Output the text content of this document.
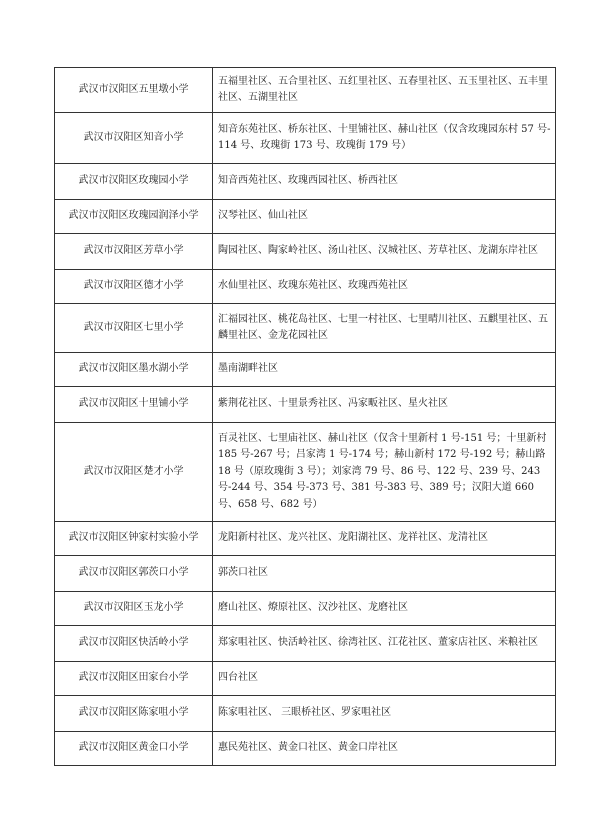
武汉市汉阳区五里墩小学	五福里社区、五合里社区、五红里社区、五春里社区、五玉里社区、五丰里社区、五湖里社区
武汉市汉阳区知音小学	知音东苑社区、桥东社区、十里铺社区、赫山社区（仅含玫瑰园东村 57 号-114 号、玫瑰街 173 号、玫瑰街 179 号）
武汉市汉阳区玫瑰园小学	知音西苑社区、玫瑰西园社区、桥西社区
武汉市汉阳区玫瑰园润泽小学	汉琴社区、仙山社区
武汉市汉阳区芳草小学	陶园社区、陶家岭社区、汤山社区、汉城社区、芳草社区、龙湖东岸社区
武汉市汉阳区德才小学	水仙里社区、玫瑰东苑社区、玫瑰西苑社区
武汉市汉阳区七里小学	汇福园社区、桃花岛社区、七里一村社区、七里晴川社区、五麒里社区、五麟里社区、金龙花园社区
武汉市汉阳区墨水湖小学	墨南湖畔社区
武汉市汉阳区十里铺小学	紫荆花社区、十里景秀社区、冯家畈社区、星火社区
武汉市汉阳区楚才小学	百灵社区、七里庙社区、赫山社区（仅含十里新村 1 号-151 号；十里新村 185 号-267 号；吕家湾 1 号-174 号；赫山新村 172 号-192 号；赫山路 18 号（原玫瑰街 3 号）；刘家湾 79 号、86 号、122 号、239 号、243 号-244 号、354 号-373 号、381 号-383 号、389 号；汉阳大道 660 号、658 号、682 号）
武汉市汉阳区钟家村实验小学	龙阳新村社区、龙兴社区、龙阳湖社区、龙祥社区、龙清社区
武汉市汉阳区郭茨口小学	郭茨口社区
武汉市汉阳区玉龙小学	磨山社区、燎原社区、汉沙社区、龙磨社区
武汉市汉阳区快活岭小学	郑家咀社区、快活岭社区、徐湾社区、江花社区、董家店社区、米粮社区
武汉市汉阳区田家台小学	四台社区
武汉市汉阳区陈家咀小学	陈家咀社区、 三眼桥社区、罗家咀社区
武汉市汉阳区黄金口小学	惠民苑社区、黄金口社区、黄金口岸社区
